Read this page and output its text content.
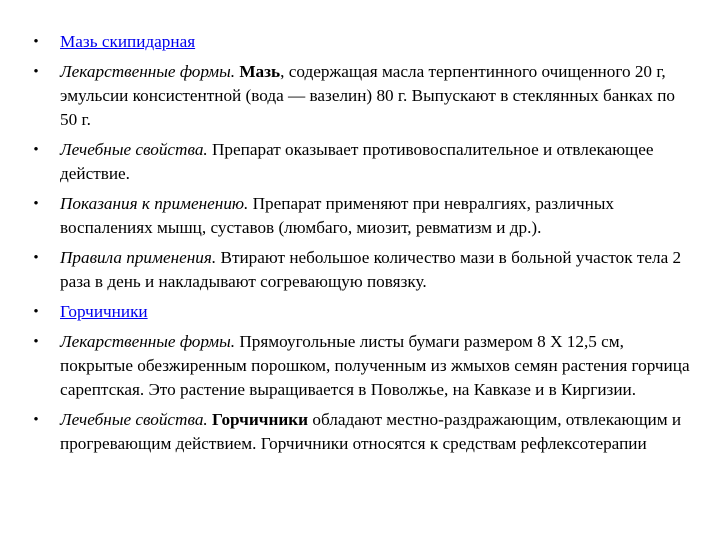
• Мазь скипидарная
• Лекарственные формы. Мазь, содержащая масла терпентинного очищенного 20 г, эмульсии консистентной (вода — вазелин) 80 г. Выпускают в стеклянных банках по 50 г.
• Лечебные свойства. Препарат оказывает противовоспалительное и отвлекающее действие.
• Показания к применению. Препарат применяют при невралгиях, различных воспалениях мышц, суставов (люмбаго, миозит, ревматизм и др.).
• Правила применения. Втирают небольшое количество мази в больной участок тела 2 раза в день и накладывают согревающую повязку.
• Горчичники
• Лекарственные формы. Прямоугольные листы бумаги размером 8 Х 12,5 см, покрытые обезжиренным порошком, полученным из жмыхов семян растения горчица сарептская. Это растение выращивается в Поволжье, на Кавказе и в Киргизии.
• Лечебные свойства. Горчичники обладают местно-раздражающим, отвлекающим и прогревающим действием. Горчичники относятся к средствам рефлексотерапии
